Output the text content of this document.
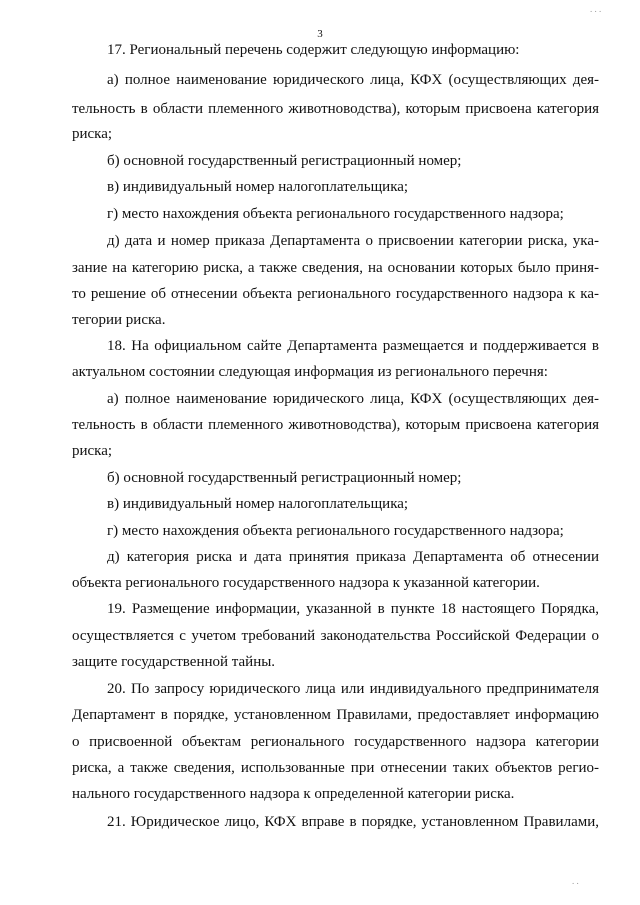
. . .
3
17. Региональный перечень содержит следующую информацию:
а) полное наименование юридического лица, КФХ (осуществляющих дея-
тельность в области племенного животноводства), которым присвоена категория
риска;
б) основной государственный регистрационный номер;
в) индивидуальный номер налогоплательщика;
г) место нахождения объекта регионального государственного надзора;
д) дата и номер приказа Департамента о присвоении категории риска, ука-
зание на категорию риска, а также сведения, на основании которых было приня-
то решение об отнесении объекта регионального государственного надзора к ка-
тегории риска.
18. На официальном сайте Департамента размещается и поддерживается в
актуальном состоянии следующая информация из регионального перечня:
а) полное наименование юридического лица, КФХ (осуществляющих дея-
тельность в области племенного животноводства), которым присвоена категория
риска;
б) основной государственный регистрационный номер;
в) индивидуальный номер налогоплательщика;
г) место нахождения объекта регионального государственного надзора;
д) категория риска и дата принятия приказа Департамента об отнесении
объекта регионального государственного надзора к указанной категории.
19. Размещение информации, указанной в пункте 18 настоящего Порядка,
осуществляется с учетом требований законодательства Российской Федерации о
защите государственной тайны.
20. По запросу юридического лица или индивидуального предпринимателя
Департамент в порядке, установленном Правилами, предоставляет информацию
о присвоенной объектам регионального государственного надзора категории
риска, а также сведения, использованные при отнесении таких объектов регио-
нального государственного надзора к определенной категории риска.
21. Юридическое лицо, КФХ вправе в порядке, установленном Правилами,
. .
